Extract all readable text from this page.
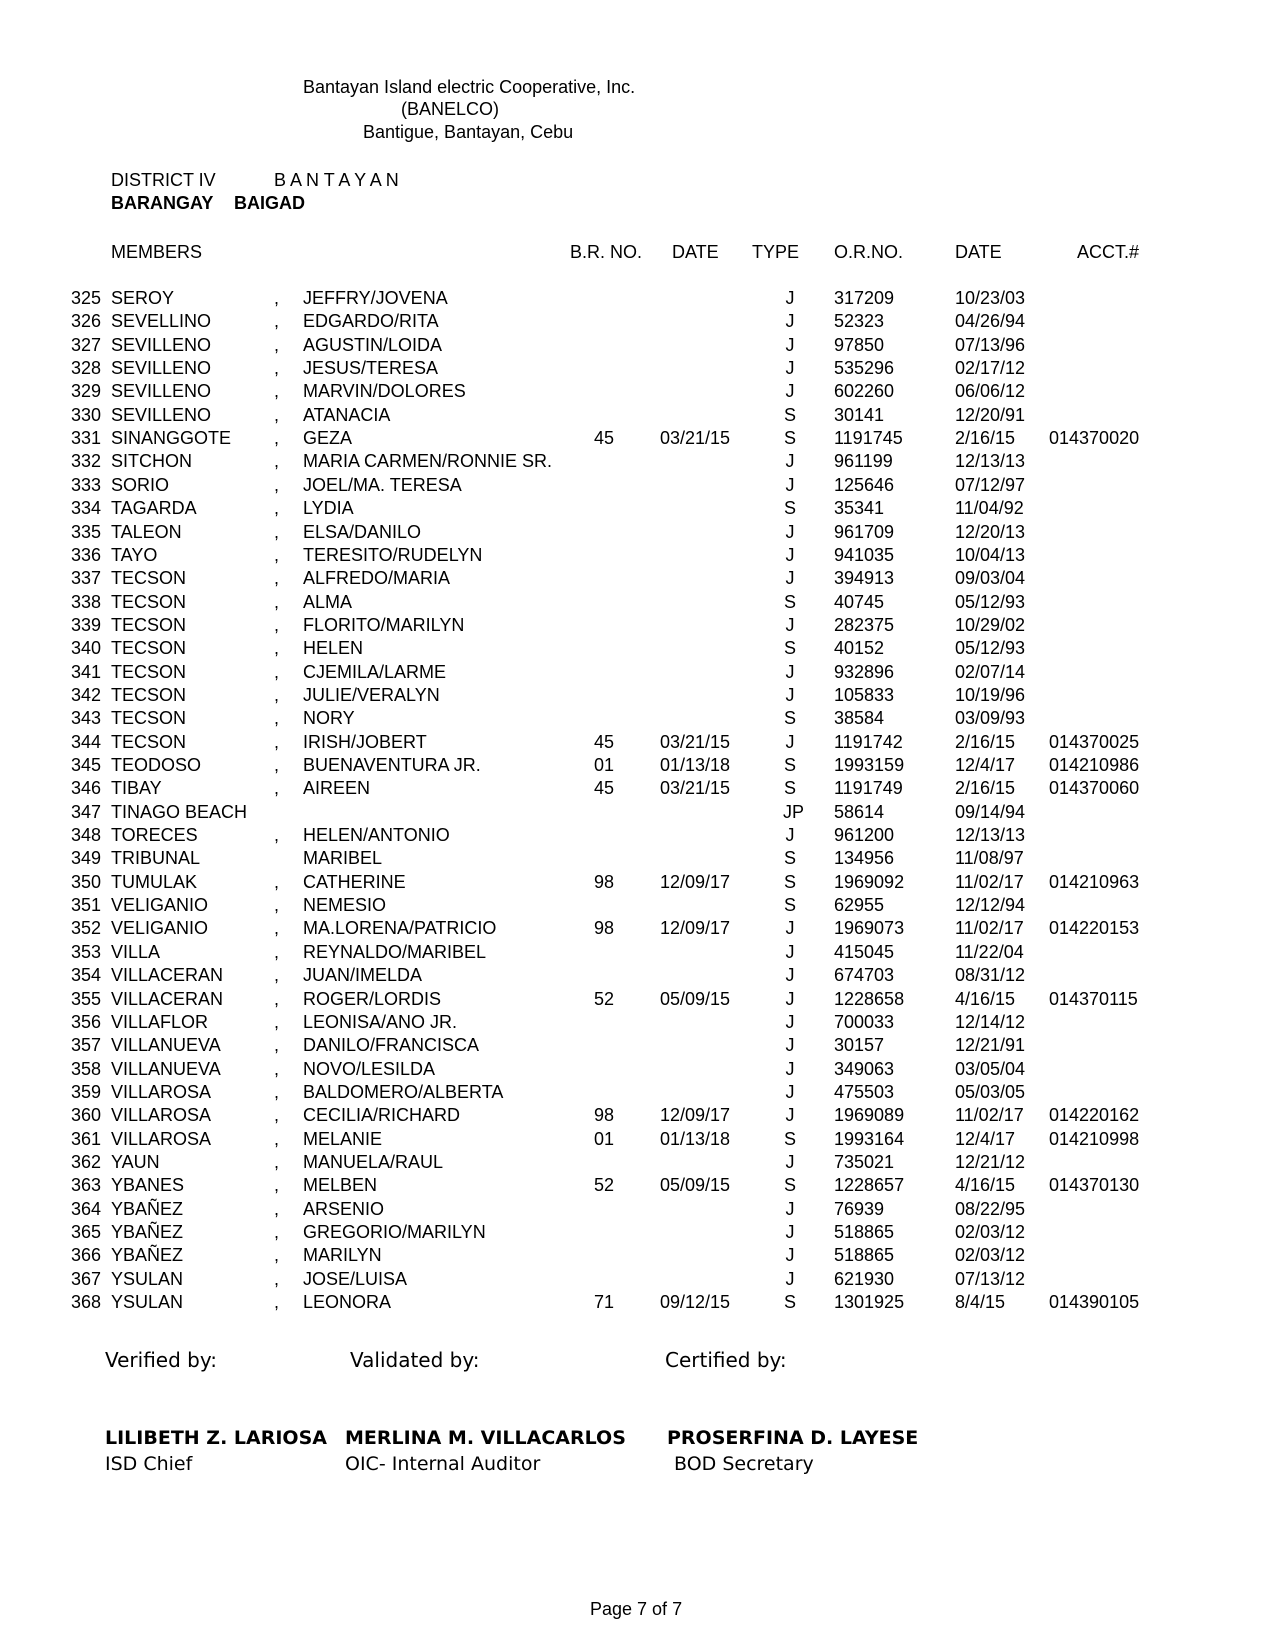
Bantayan Island electric Cooperative, Inc.
(BANELCO)
Bantigue, Bantayan, Cebu
DISTRICT IV	B A N T A Y A N
BARANGAY BAIGAD
MEMBERS	B.R. NO. DATE TYPE O.R.NO.	DATE	ACCT.#
325 SEROY	, JEFFRY/JOVENA	J 317209	10/23/03
326 SEVELLINO	, EDGARDO/RITA	J 52323	04/26/94
327 SEVILLENO	, AGUSTIN/LOIDA	J 97850	07/13/96
328 SEVILLENO	, JESUS/TERESA	J 535296	02/17/12
329 SEVILLENO	, MARVIN/DOLORES	J 602260	06/06/12
330 SEVILLENO	, ATANACIA	S 30141	12/20/91
331 SINANGGOTE , GEZA	45	03/21/15	S 1191745	2/16/15 014370020
332 SITCHON	, MARIA CARMEN/RONNIE SR.	J 961199	12/13/13
333 SORIO	, JOEL/MA. TERESA	J 125646	07/12/97
334 TAGARDA	, LYDIA	S 35341	11/04/92
335 TALEON	, ELSA/DANILO	J 961709	12/20/13
336 TAYO	, TERESITO/RUDELYN	J 941035	10/04/13
337 TECSON	, ALFREDO/MARIA	J 394913	09/03/04
338 TECSON	, ALMA	S 40745	05/12/93
339 TECSON	, FLORITO/MARILYN	J 282375	10/29/02
340 TECSON	, HELEN	S 40152	05/12/93
341 TECSON	, CJEMILA/LARME	J 932896	02/07/14
342 TECSON	, JULIE/VERALYN	J 105833	10/19/96
343 TECSON	, NORY	S 38584	03/09/93
344 TECSON	, IRISH/JOBERT	45	03/21/15	J 1191742	2/16/15 014370025
345 TEODOSO	, BUENAVENTURA JR.	01	01/13/18	S 1993159	12/4/17 014210986
346 TIBAY	, AIREEN	45	03/21/15	S 1191749	2/16/15 014370060
347 TINAGO BEACH	JP 58614	09/14/94
348 TORECES	, HELEN/ANTONIO	J 961200	12/13/13
349 TRIBUNAL	MARIBEL	S 134956	11/08/97
350 TUMULAK	, CATHERINE	98	12/09/17	S 1969092	11/02/17 014210963
351 VELIGANIO	, NEMESIO	S 62955	12/12/94
352 VELIGANIO	, MA.LORENA/PATRICIO	98	12/09/17	J 1969073	11/02/17 014220153
353 VILLA	, REYNALDO/MARIBEL	J 415045	11/22/04
354 VILLACERAN	, JUAN/IMELDA	J 674703	08/31/12
355 VILLACERAN	, ROGER/LORDIS	52	05/09/15	J 1228658	4/16/15 014370115
356 VILLAFLOR	, LEONISA/ANO JR.	J 700033	12/14/12
357 VILLANUEVA	, DANILO/FRANCISCA	J 30157	12/21/91
358 VILLANUEVA	, NOVO/LESILDA	J 349063	03/05/04
359 VILLAROSA	, BALDOMERO/ALBERTA	J 475503	05/03/05
360 VILLAROSA	, CECILIA/RICHARD	98	12/09/17	J 1969089	11/02/17 014220162
361 VILLAROSA	, MELANIE	01	01/13/18	S 1993164	12/4/17 014210998
362 YAUN	, MANUELA/RAUL	J 735021	12/21/12
363 YBANES	, MELBEN	52	05/09/15	S 1228657	4/16/15 014370130
364 YBAÑEZ	, ARSENIO	J 76939	08/22/95
365 YBAÑEZ	, GREGORIO/MARILYN	J 518865	02/03/12
366 YBAÑEZ	, MARILYN	J 518865	02/03/12
367 YSULAN	, JOSE/LUISA	J 621930	07/13/12
368 YSULAN	, LEONORA	71	09/12/15	S 1301925	8/4/15 014390105
Verified by:	Validated by:	Certified by:
LILIBETH Z. LARIOSA MERLINA M. VILLACARLOS PROSERFINA D. LAYESE
ISD Chief	OIC- Internal Auditor	BOD Secretary
Page 7 of 7
